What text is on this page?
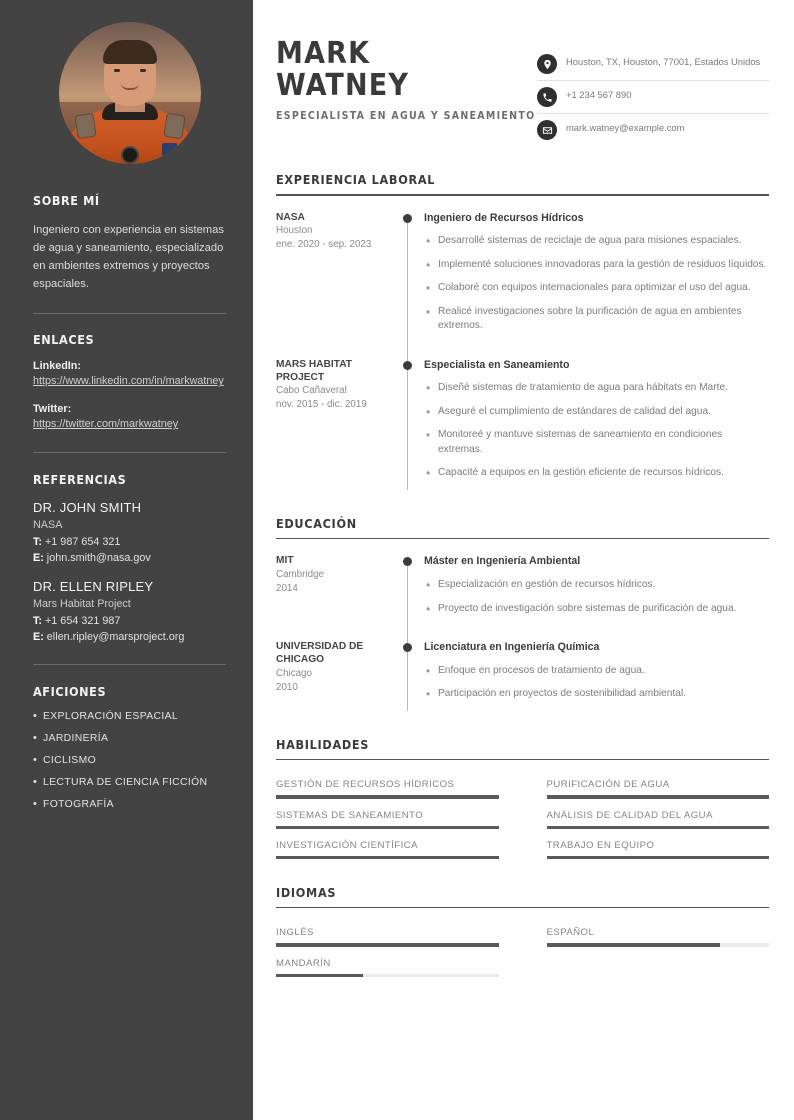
SOBRE MÍ
Ingeniero con experiencia en sistemas de agua y saneamiento, especializado en ambientes extremos y proyectos espaciales.
ENLACES
LinkedIn:
https://www.linkedin.com/in/markwatney
Twitter:
https://twitter.com/markwatney
REFERENCIAS
DR. JOHN SMITH
NASA
T: +1 987 654 321
E: john.smith@nasa.gov
DR. ELLEN RIPLEY
Mars Habitat Project
T: +1 654 321 987
E: ellen.ripley@marsproject.org
AFICIONES
• EXPLORACIÓN ESPACIAL
• JARDINERÍA
• CICLISMO
• LECTURA DE CIENCIA FICCIÓN
• FOTOGRAFÍA
MARK
WATNEY
ESPECIALISTA EN AGUA Y SANEAMIENTO
Houston, TX, Houston, 77001, Estados Unidos
+1 234 567 890
mark.watney@example.com
EXPERIENCIA LABORAL
NASA
Houston
ene. 2020 - sep. 2023
Ingeniero de Recursos Hídricos
• Desarrollé sistemas de reciclaje de agua para misiones espaciales.
• Implementé soluciones innovadoras para la gestión de residuos líquidos.
• Colaboré con equipos internacionales para optimizar el uso del agua.
• Realicé investigaciones sobre la purificación de agua en ambientes extremos.
MARS HABITAT PROJECT
Cabo Cañaveral
nov. 2015 - dic. 2019
Especialista en Saneamiento
• Diseñé sistemas de tratamiento de agua para hábitats en Marte.
• Aseguré el cumplimiento de estándares de calidad del agua.
• Monitoreé y mantuve sistemas de saneamiento en condiciones extremas.
• Capacité a equipos en la gestión eficiente de recursos hídricos.
EDUCACIÓN
MIT
Cambridge
2014
Máster en Ingeniería Ambiental
• Especialización en gestión de recursos hídricos.
• Proyecto de investigación sobre sistemas de purificación de agua.
UNIVERSIDAD DE CHICAGO
Chicago
2010
Licenciatura en Ingeniería Química
• Enfoque en procesos de tratamiento de agua.
• Participación en proyectos de sostenibilidad ambiental.
HABILIDADES
GESTIÓN DE RECURSOS HÍDRICOS	PURIFICACIÓN DE AGUA
SISTEMAS DE SANEAMIENTO	ANÁLISIS DE CALIDAD DEL AGUA
INVESTIGACIÓN CIENTÍFICA	TRABAJO EN EQUIPO
IDIOMAS
INGLÉS	ESPAÑOL
MANDARÍN
